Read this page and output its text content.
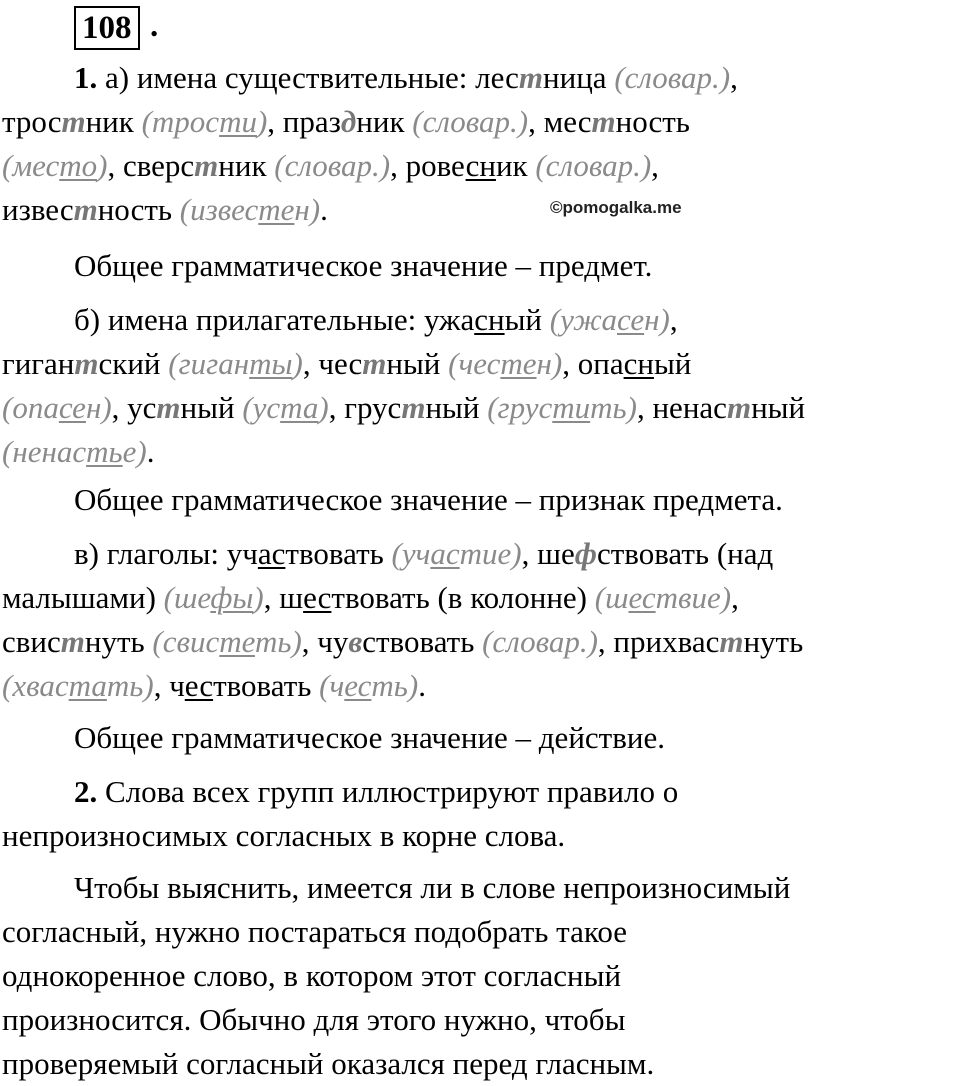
108 .
©pomogalka.me
1. а) имена существительные: лестница (словар.),
тростник (трости), праздник (словар.), местность
(место), сверстник (словар.), ровесник (словар.),
известность (известен).
Общее грамматическое значение – предмет.
б) имена прилагательные: ужасный (ужасен),
гигантский (гиганты), честный (честен), опасный
(опасен), устный (уста), грустный (грустить), ненастный
(ненастье).
Общее грамматическое значение – признак предмета.
в) глаголы: участвовать (участие), шефствовать (над
малышами) (шефы), шествовать (в колонне) (шествие),
свистнуть (свистеть), чувствовать (словар.), прихвастнуть
(хвастать), чествовать (честь).
Общее грамматическое значение – действие.
2. Слова всех групп иллюстрируют правило о
непроизносимых согласных в корне слова.
Чтобы выяснить, имеется ли в слове непроизносимый
согласный, нужно постараться подобрать такое
однокоренное слово, в котором этот согласный
произносится. Обычно для этого нужно, чтобы
проверяемый согласный оказался перед гласным.
